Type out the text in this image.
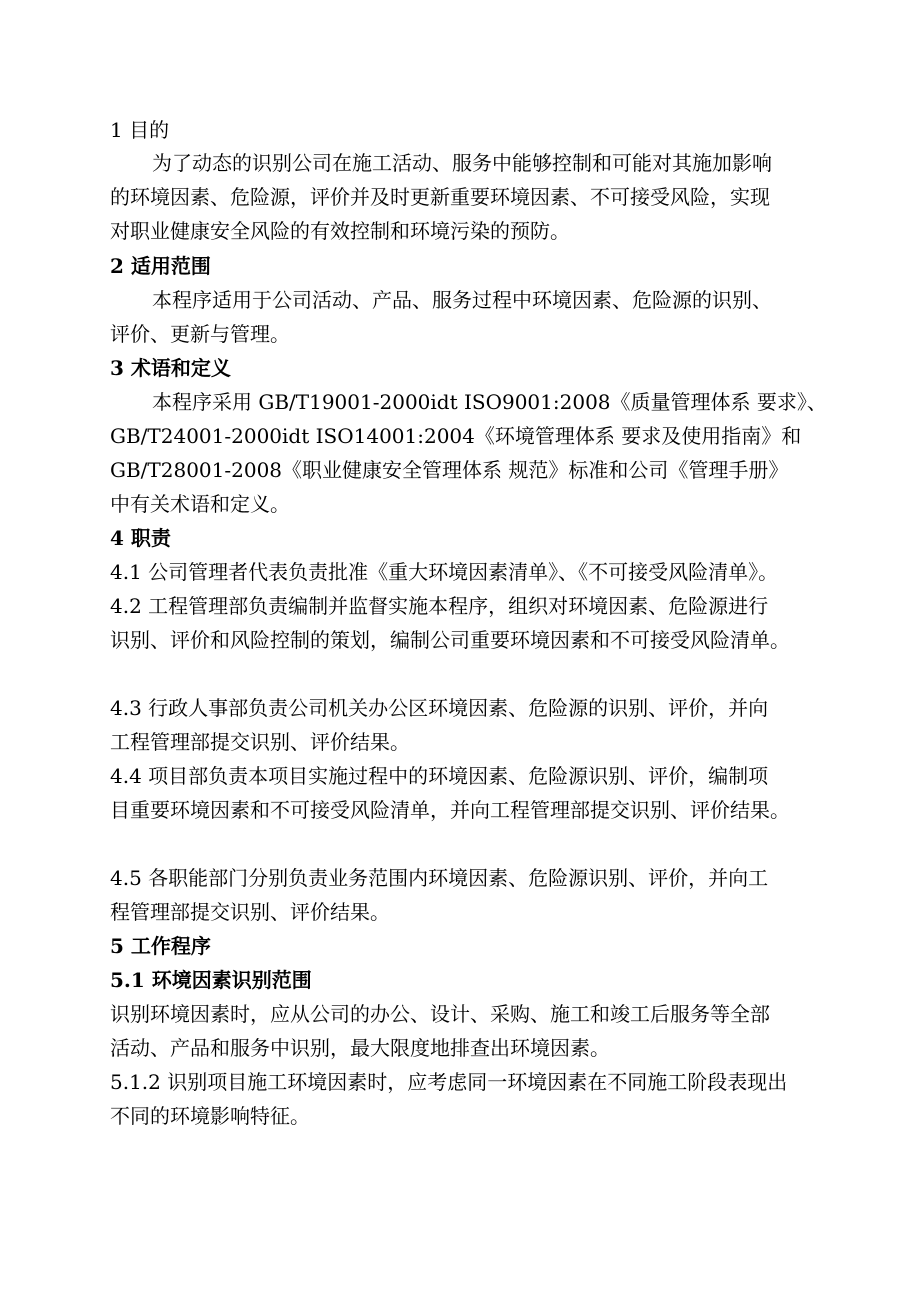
1 目的
为了动态的识别公司在施工活动、服务中能够控制和可能对其施加影响
的环境因素、危险源，评价并及时更新重要环境因素、不可接受风险，实现
对职业健康安全风险的有效控制和环境污染的预防。
2 适用范围
本程序适用于公司活动、产品、服务过程中环境因素、危险源的识别、
评价、更新与管理。
3 术语和定义
本程序采用 GB/T19001-2000idt ISO9001:2008《质量管理体系 要求》、
GB/T24001-2000idt ISO14001:2004《环境管理体系 要求及使用指南》和
GB/T28001-2008《职业健康安全管理体系 规范》标准和公司《管理手册》
中有关术语和定义。
4 职责
4.1 公司管理者代表负责批准《重大环境因素清单》、《不可接受风险清单》。
4.2 工程管理部负责编制并监督实施本程序，组织对环境因素、危险源进行
识别、评价和风险控制的策划，编制公司重要环境因素和不可接受风险清单。
4.3 行政人事部负责公司机关办公区环境因素、危险源的识别、评价，并向
工程管理部提交识别、评价结果。
4.4 项目部负责本项目实施过程中的环境因素、危险源识别、评价，编制项
目重要环境因素和不可接受风险清单，并向工程管理部提交识别、评价结果。
4.5 各职能部门分别负责业务范围内环境因素、危险源识别、评价，并向工
程管理部提交识别、评价结果。
5 工作程序
5.1 环境因素识别范围
识别环境因素时，应从公司的办公、设计、采购、施工和竣工后服务等全部
活动、产品和服务中识别，最大限度地排查出环境因素。
5.1.2 识别项目施工环境因素时，应考虑同一环境因素在不同施工阶段表现出
不同的环境影响特征。
